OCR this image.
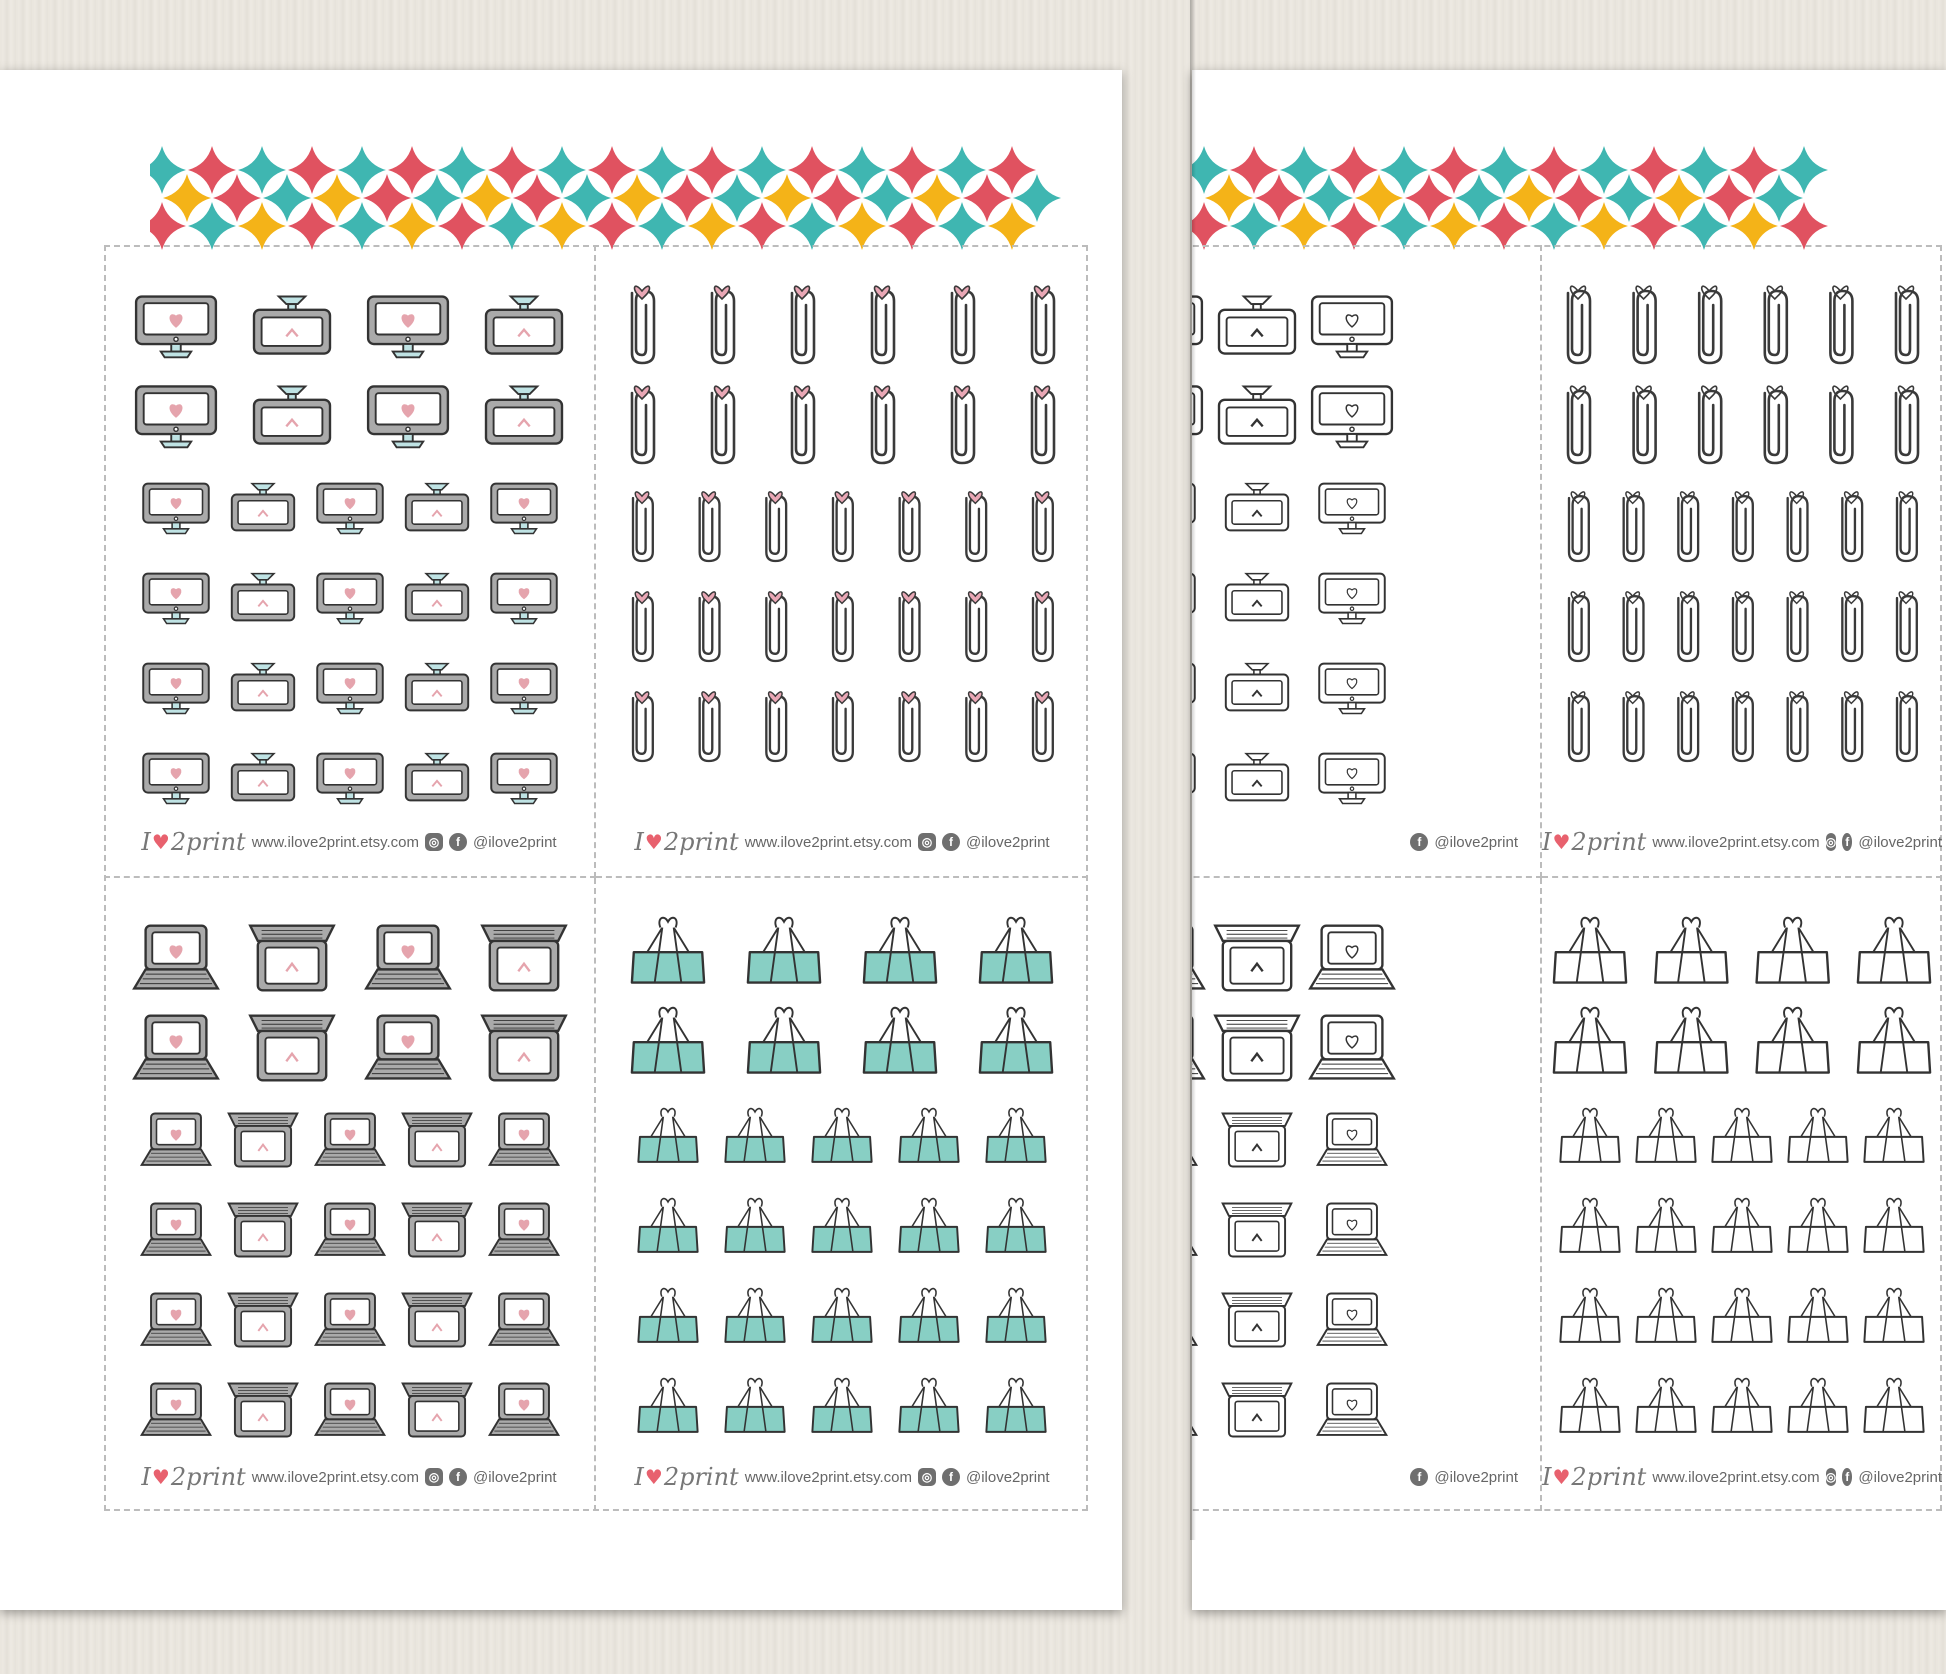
I ♥ 2print www.ilove2print.etsy.com ◎	f @ilove2print	I ♥ 2print www.ilove2print.etsy.com ◎	f @ilove2print
I ♥ 2print www.ilove2print.etsy.com ◎	f @ilove2print	I ♥ 2print www.ilove2print.etsy.com ◎	f @ilove2print
f @ilove2print I ♥ 2print www.ilove2print.etsy.com ◎ f @ilove2print
f @ilove2print I ♥ 2print www.ilove2print.etsy.com ◎ f @ilove2print
